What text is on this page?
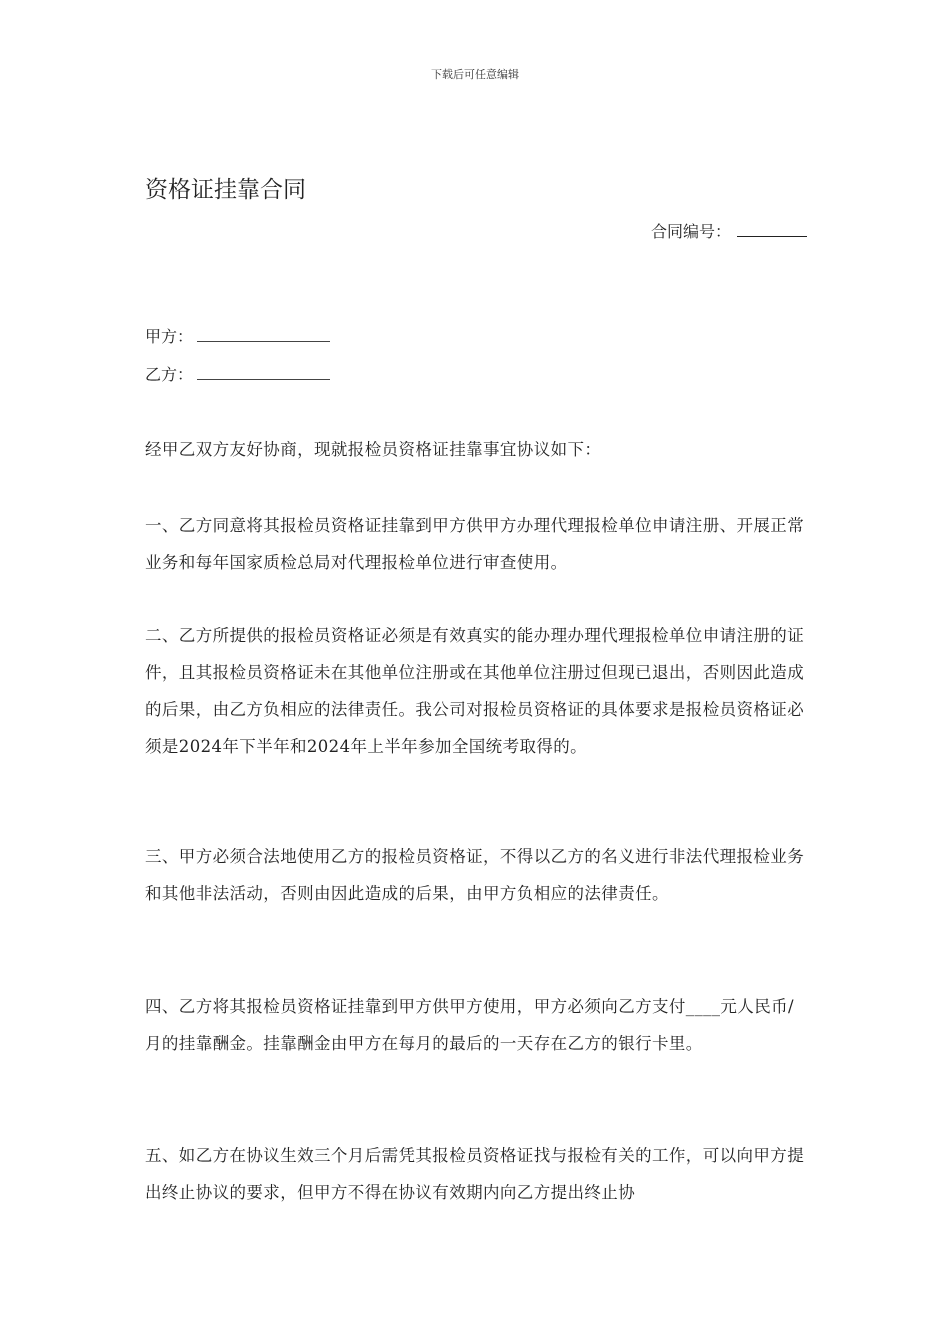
下载后可任意编辑
资格证挂靠合同
合同编号：
甲方：
乙方：

经甲乙双方友好协商，现就报检员资格证挂靠事宜协议如下：

一、乙方同意将其报检员资格证挂靠到甲方供甲方办理代理报检单位申请注册、开展正常业务和每年国家质检总局对代理报检单位进行审查使用。

二、乙方所提供的报检员资格证必须是有效真实的能办理办理代理报检单位申请注册的证件，且其报检员资格证未在其他单位注册或在其他单位注册过但现已退出，否则因此造成的后果，由乙方负相应的法律责任。我公司对报检员资格证的具体要求是报检员资格证必须是2024年下半年和2024年上半年参加全国统考取得的。

三、甲方必须合法地使用乙方的报检员资格证，不得以乙方的名义进行非法代理报检业务和其他非法活动，否则由因此造成的后果，由甲方负相应的法律责任。

四、乙方将其报检员资格证挂靠到甲方供甲方使用，甲方必须向乙方支付____元人民币/月的挂靠酬金。挂靠酬金由甲方在每月的最后的一天存在乙方的银行卡里。

五、如乙方在协议生效三个月后需凭其报检员资格证找与报检有关的工作，可以向甲方提出终止协议的要求，但甲方不得在协议有效期内向乙方提出终止协
